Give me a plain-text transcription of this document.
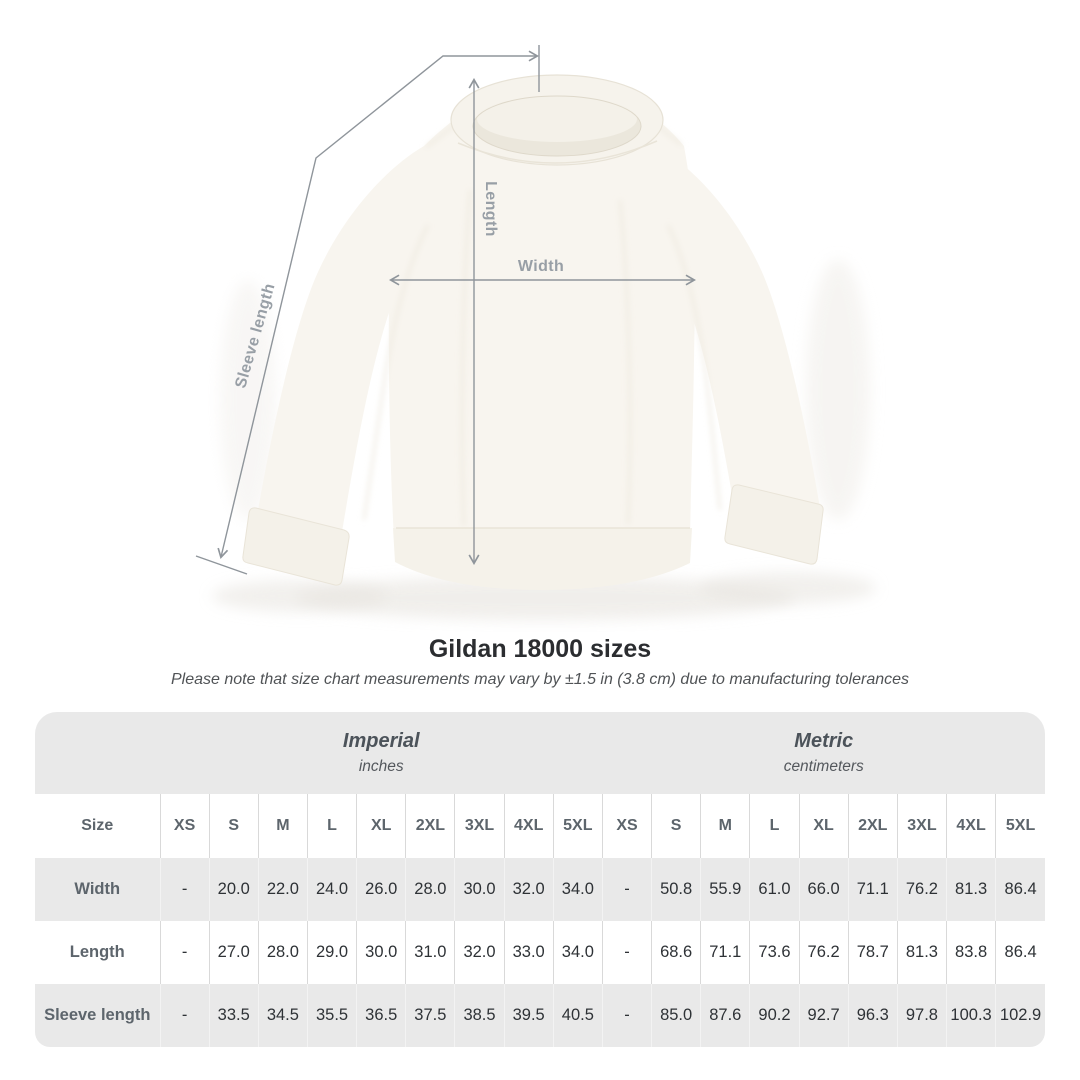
Length
Width
Sleeve length
Gildan 18000 sizes
Please note that size chart measurements may vary by ±1.5 in (3.8 cm) due to manufacturing tolerances
Imperial
inches
Metric
centimeters
Size	XS	S	M	L	XL	2XL	3XL	4XL	5XL	XS	S	M	L	XL	2XL	3XL	4XL	5XL
Width	-	20.0	22.0	24.0	26.0	28.0	30.0	32.0	34.0	-	50.8	55.9	61.0	66.0	71.1	76.2	81.3	86.4
Length	-	27.0	28.0	29.0	30.0	31.0	32.0	33.0	34.0	-	68.6	71.1	73.6	76.2	78.7	81.3	83.8	86.4
Sleeve length	-	33.5	34.5	35.5	36.5	37.5	38.5	39.5	40.5	-	85.0	87.6	90.2	92.7	96.3	97.8	100.3	102.9
